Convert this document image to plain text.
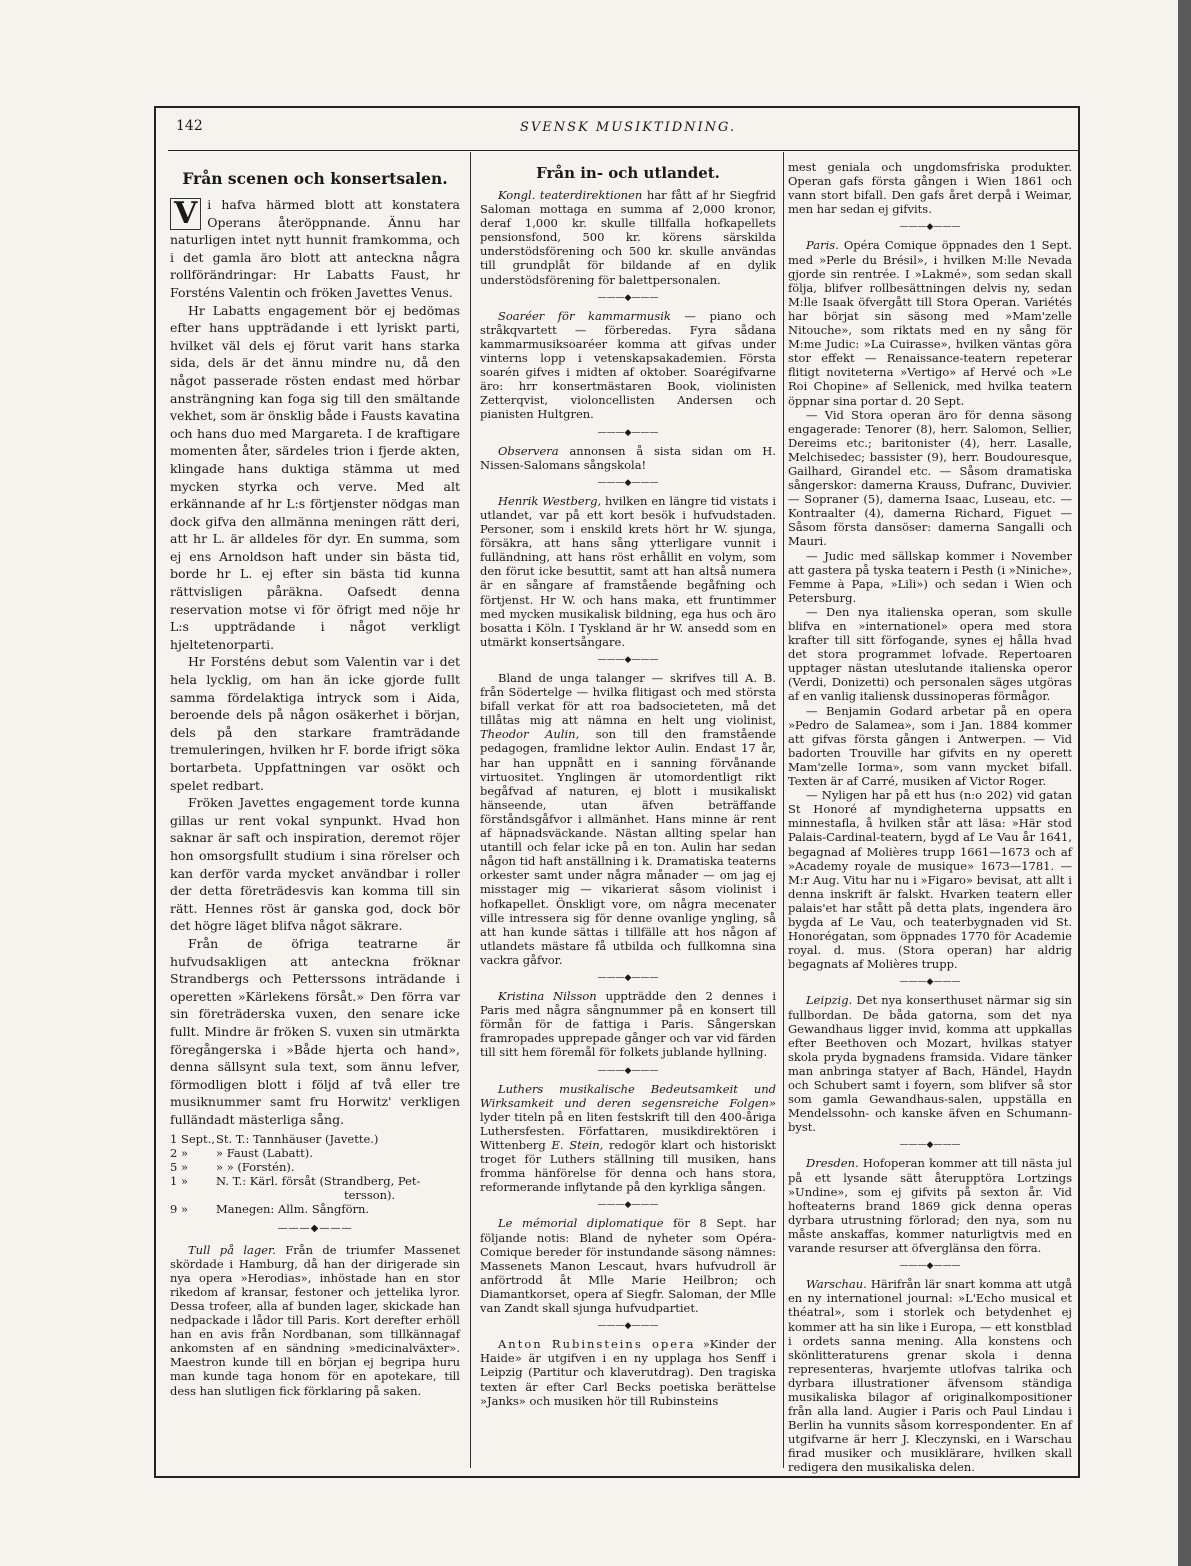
142	SVENSK MUSIKTIDNING.
Från scenen och konsertsalen.

V i hafva härmed blott att konstatera Operans återöppnande. Ännu har naturligen intet nytt hunnit framkomma, och i det gamla äro blott att anteckna några rollförändringar: Hr Labatts Faust, hr Forsténs Valentin och fröken Javettes Venus.

Hr Labatts engagement bör ej bedömas efter hans uppträdande i ett lyriskt parti, hvilket väl dels ej förut varit hans starka sida, dels är det ännu mindre nu, då den något passerade rösten endast med hörbar ansträngning kan foga sig till den smältande vekhet, som är önsklig både i Fausts kavatina och hans duo med Margareta. I de kraftigare momenten åter, särdeles trion i fjerde akten, klingade hans duktiga stämma ut med mycken styrka och verve. Med alt erkännande af hr L:s förtjenster nödgas man dock gifva den allmänna meningen rätt deri, att hr L. är alldeles för dyr. En summa, som ej ens Arnoldson haft under sin bästa tid, borde hr L. ej efter sin bästa tid kunna rättvisligen påräkna. Oafsedt denna reservation motse vi för öfrigt med nöje hr L:s uppträdande i något verkligt hjeltetenorparti.

Hr Forsténs debut som Valentin var i det hela lycklig, om han än icke gjorde fullt samma fördelaktiga intryck som i Aida, beroende dels på någon osäkerhet i början, dels på den starkare framträdande tremuleringen, hvilken hr F. borde ifrigt söka bortarbeta. Uppfattningen var osökt och spelet redbart.

Fröken Javettes engagement torde kunna gillas ur rent vokal synpunkt. Hvad hon saknar är saft och inspiration, deremot röjer hon omsorgsfullt studium i sina rörelser och kan derför varda mycket användbar i roller der detta företrädesvis kan komma till sin rätt. Hennes röst är ganska god, dock bör det högre läget blifva något säkrare.

Från de öfriga teatrarne är hufvudsakligen att anteckna fröknar Strandbergs och Petterssons inträdande i operetten »Kärlekens försåt.» Den förra var sin företräderska vuxen, den senare icke fullt. Mindre är fröken S. vuxen sin utmärkta föregångerska i »Både hjerta och hand», denna sällsynt sula text, som ännu lefver, förmodligen blott i följd af två eller tre musiknummer samt fru Horwitz' verkligen fulländadt mästerliga sång.

1 Sept., St. T.: Tannhäuser (Javette.)
2 »	» Faust (Labatt).
5 »	» » (Forstén).
1 »	N. T.: Kärl. försåt (Strandberg, Pet-
tersson).
9 »	Manegen: Allm. Sångförn.
———◆———

Tull på lager. Från de triumfer Massenet skördade i Hamburg, då han der dirigerade sin nya opera »Herodias», inhöstade han en stor rikedom af kransar, festoner och jettelika lyror. Dessa trofeer, alla af bunden lager, skickade han nedpackade i lådor till Paris. Kort derefter erhöll han en avis från Nordbanan, som tillkännagaf ankomsten af en sändning »medicinalväxter». Maestron kunde till en början ej begripa huru man kunde taga honom för en apotekare, till dess han slutligen fick förklaring på saken.

Från in- och utlandet.

Kongl. teaterdirektionen har fått af hr Siegfrid Saloman mottaga en summa af 2,000 kronor, deraf 1,000 kr. skulle tillfalla hofkapellets pensionsfond, 500 kr. körens särskilda understödsförening och 500 kr. skulle användas till grundplåt för bildande af en dylik understödsförening för balettpersonalen.

———◆———

Soaréer för kammarmusik — piano och stråkqvartett — förberedas. Fyra sådana kammarmusiksoaréer komma att gifvas under vinterns lopp i vetenskapsakademien. Första soarén gifves i midten af oktober. Soarégifvarne äro: hrr konsertmästaren Book, violinisten Zetterqvist, violoncellisten Andersen och pianisten Hultgren.

———◆———

Observera annonsen å sista sidan om H. Nissen-Salomans sångskola!

———◆———

Henrik Westberg, hvilken en längre tid vistats i utlandet, var på ett kort besök i hufvudstaden. Personer, som i enskild krets hört hr W. sjunga, försäkra, att hans sång ytterligare vunnit i fulländning, att hans röst erhållit en volym, som den förut icke besuttit, samt att han altså numera är en sångare af framstående begåfning och förtjenst. Hr W. och hans maka, ett fruntimmer med mycken musikalisk bildning, ega hus och äro bosatta i Köln. I Tyskland är hr W. ansedd som en utmärkt konsertsångare.

———◆———

Bland de unga talanger — skrifves till A. B. från Södertelge — hvilka flitigast och med största bifall verkat för att roa badsocieteten, må det tillåtas mig att nämna en helt ung violinist, Theodor Aulin, son till den framstående pedagogen, framlidne lektor Aulin. Endast 17 år, har han uppnått en i sanning förvånande virtuositet. Ynglingen är utomordentligt rikt begåfvad af naturen, ej blott i musikaliskt hänseende, utan äfven beträffande förståndsgåfvor i allmänhet. Hans minne är rent af häpnadsväckande. Nästan allting spelar han utantill och felar icke på en ton. Aulin har sedan någon tid haft anställning i k. Dramatiska teaterns orkester samt under några månader — om jag ej misstager mig — vikarierat såsom violinist i hofkapellet. Önskligt vore, om några mecenater ville intressera sig för denne ovanlige yngling, så att han kunde sättas i tillfälle att hos någon af utlandets mästare få utbilda och fullkomna sina vackra gåfvor.

———◆———

Kristina Nilsson uppträdde den 2 dennes i Paris med några sångnummer på en konsert till förmån för de fattiga i Paris. Sångerskan framropades upprepade gånger och var vid färden till sitt hem föremål för folkets jublande hyllning.

———◆———

Luthers musikalische Bedeutsamkeit und Wirksamkeit und deren segensreiche Folgen» lyder titeln på en liten festskrift till den 400-åriga Luthersfesten. Författaren, musikdirektören i Wittenberg E. Stein, redogör klart och historiskt troget för Luthers ställning till musiken, hans fromma hänförelse för denna och hans stora, reformerande inflytande på den kyrkliga sången.

———◆———

Le mémorial diplomatique för 8 Sept. har följande notis: Bland de nyheter som Opéra-Comique bereder för instundande säsong nämnes: Massenets Manon Lescaut, hvars hufvudroll är anförtrodd åt Mlle Marie Heilbron; och Diamantkorset, opera af Siegfr. Saloman, der Mlle van Zandt skall sjunga hufvudpartiet.

———◆———

Anton Rubinsteins opera »Kinder der Haide» är utgifven i en ny upplaga hos Senff i Leipzig (Partitur och klaverutdrag). Den tragiska texten är efter Carl Becks poetiska berättelse »Janks» och musiken hör till Rubinsteins

mest geniala och ungdomsfriska produkter. Operan gafs första gången i Wien 1861 och vann stort bifall. Den gafs året derpå i Weimar, men har sedan ej gifvits.

———◆———

Paris. Opéra Comique öppnades den 1 Sept. med »Perle du Brésil», i hvilken M:lle Nevada gjorde sin rentrée. I »Lakmé», som sedan skall följa, blifver rollbesättningen delvis ny, sedan M:lle Isaak öfvergått till Stora Operan. Variétés har börjat sin säsong med »Mam'zelle Nitouche», som riktats med en ny sång för M:me Judic: »La Cuirasse», hvilken väntas göra stor effekt — Renaissance-teatern repeterar flitigt noviteterna »Vertigo» af Hervé och »Le Roi Chopine» af Sellenick, med hvilka teatern öppnar sina portar d. 20 Sept.

— Vid Stora operan äro för denna säsong engagerade: Tenorer (8), herr. Salomon, Sellier, Dereims etc.; baritonister (4), herr. Lasalle, Melchisedec; bassister (9), herr. Boudouresque, Gailhard, Girandel etc. — Såsom dramatiska sångerskor: damerna Krauss, Dufranc, Duvivier. — Sopraner (5), damerna Isaac, Luseau, etc. — Kontraalter (4), damerna Richard, Figuet — Såsom första dansöser: damerna Sangalli och Mauri.

— Judic med sällskap kommer i November att gastera på tyska teatern i Pesth (i »Niniche», Femme à Papa, »Lili») och sedan i Wien och Petersburg.

— Den nya italienska operan, som skulle blifva en »internationel» opera med stora krafter till sitt förfogande, synes ej hålla hvad det stora programmet lofvade. Repertoaren upptager nästan uteslutande italienska operor (Verdi, Donizetti) och personalen säges utgöras af en vanlig italiensk dussinoperas förmågor.

— Benjamin Godard arbetar på en opera »Pedro de Salamea», som i Jan. 1884 kommer att gifvas första gången i Antwerpen. — Vid badorten Trouville har gifvits en ny operett Mam'zelle Iorma», som vann mycket bifall. Texten är af Carré, musiken af Victor Roger.

— Nyligen har på ett hus (n:o 202) vid gatan St Honoré af myndigheterna uppsatts en minnestafla, å hvilken står att läsa: »Här stod Palais-Cardinal-teatern, bygd af Le Vau år 1641, begagnad af Molières trupp 1661—1673 och af »Academy royale de musique» 1673—1781. — M:r Aug. Vitu har nu i »Figaro» bevisat, att allt i denna inskrift är falskt. Hvarken teatern eller palais'et har stått på detta plats, ingendera äro bygda af Le Vau, och teaterbygnaden vid St. Honorégatan, som öppnades 1770 för Academie royal. d. mus. (Stora operan) har aldrig begagnats af Molières trupp.

———◆———

Leipzig. Det nya konserthuset närmar sig sin fullbordan. De båda gatorna, som det nya Gewandhaus ligger invid, komma att uppkallas efter Beethoven och Mozart, hvilkas statyer skola pryda bygnadens framsida. Vidare tänker man anbringa statyer af Bach, Händel, Haydn och Schubert samt i foyern, som blifver så stor som gamla Gewandhaus-salen, uppställa en Mendelssohn- och kanske äfven en Schumann-byst.

———◆———

Dresden. Hofoperan kommer att till nästa jul på ett lysande sätt återupptöra Lortzings »Undine», som ej gifvits på sexton år. Vid hofteaterns brand 1869 gick denna operas dyrbara utrustning förlorad; den nya, som nu måste anskaffas, kommer naturligtvis med en varande resurser att öfverglänsa den förra.

———◆———

Warschau. Härifrån lär snart komma att utgå en ny internationel journal: »L'Echo musical et théatral», som i storlek och betydenhet ej kommer att ha sin like i Europa, — ett konstblad i ordets sanna mening. Alla konstens och skönlitteraturens grenar skola i denna representeras, hvarjemte utlofvas talrika och dyrbara illustrationer äfvensom ständiga musikaliska bilagor af originalkompositioner från alla land. Augier i Paris och Paul Lindau i Berlin ha vunnits såsom korrespondenter. En af utgifvarne är herr J. Kleczynski, en i Warschau firad musiker och musiklärare, hvilken skall redigera den musikaliska delen.
